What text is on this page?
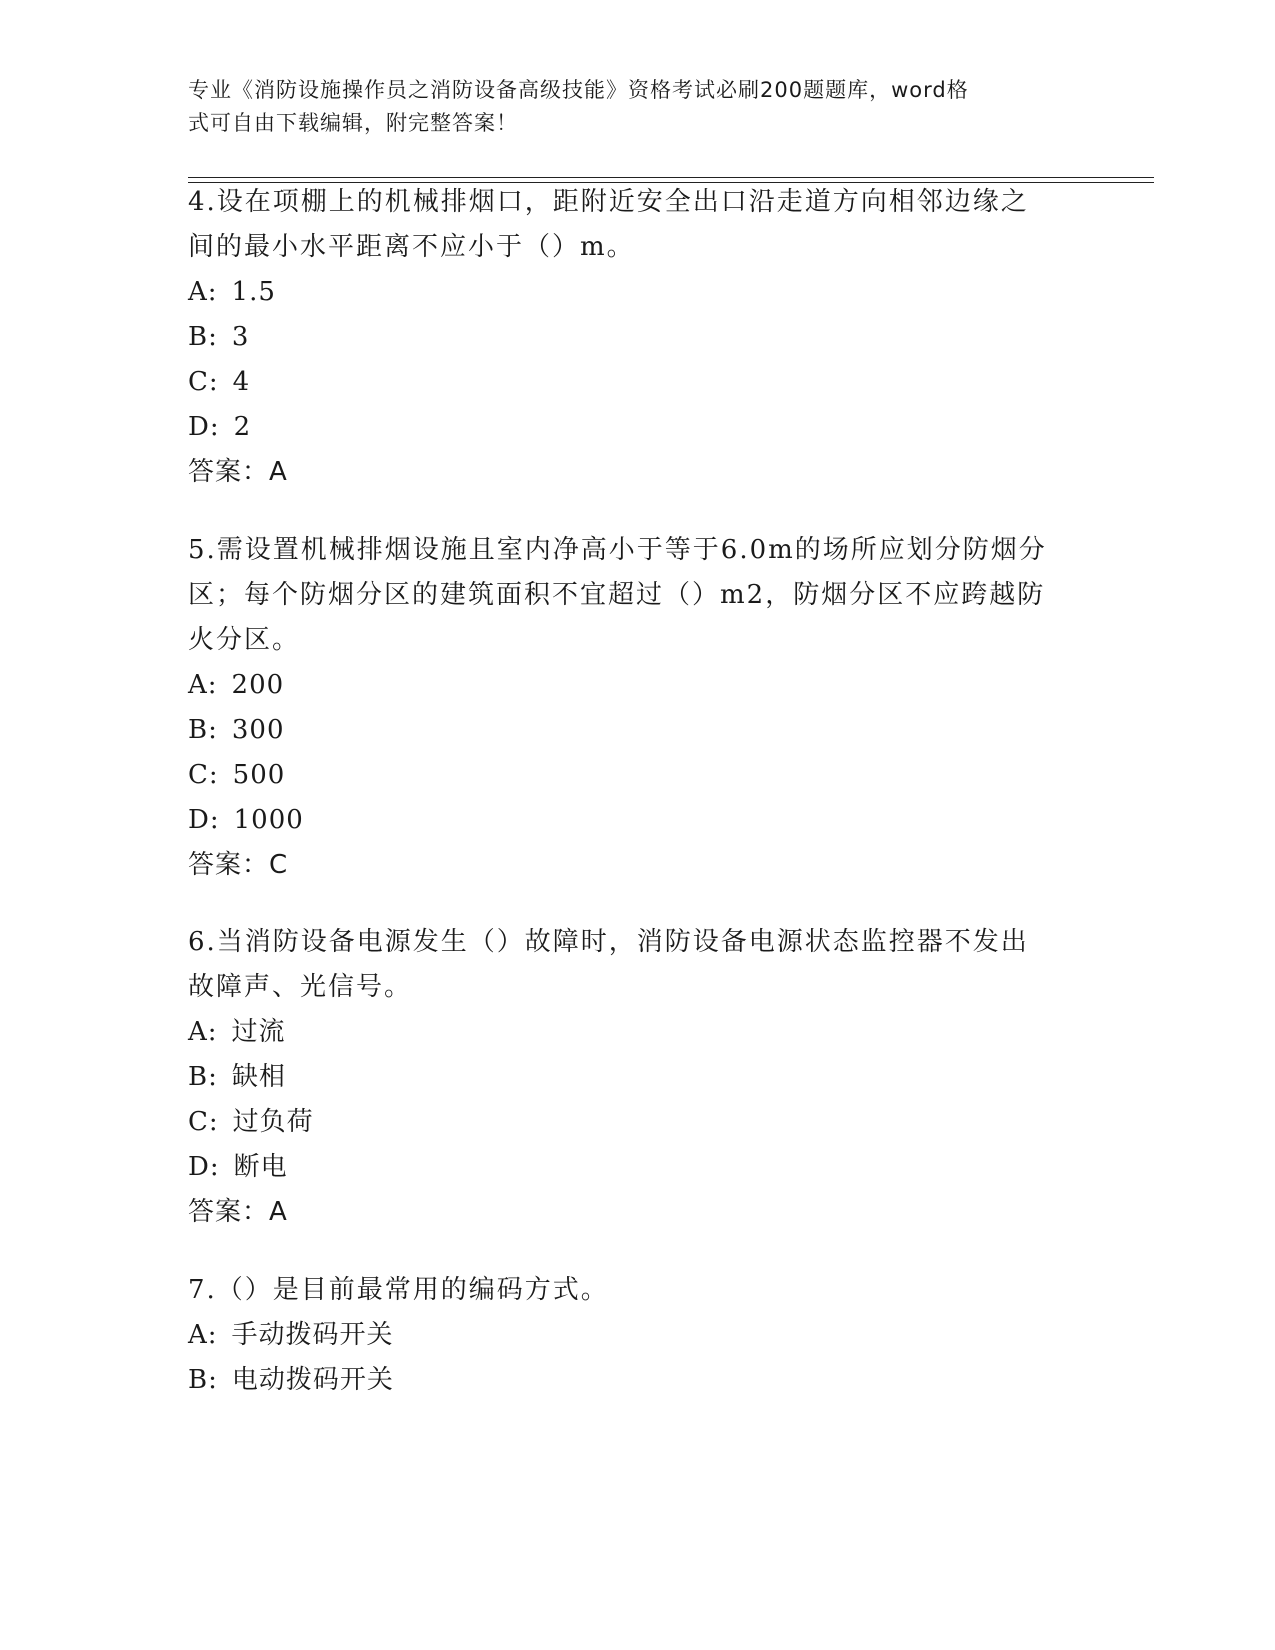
专业《消防设施操作员之消防设备高级技能》资格考试必刷200题题库，word格
式可自由下载编辑，附完整答案！

4.设在项棚上的机械排烟口，距附近安全出口沿走道方向相邻边缘之

间的最小水平距离不应小于（）m。

A: 1.5

B: 3

C: 4

D: 2

答案：A

5.需设置机械排烟设施且室内净高小于等于6.0m的场所应划分防烟分

区；每个防烟分区的建筑面积不宜超过（）m2，防烟分区不应跨越防

火分区。

A: 200

B: 300

C: 500

D: 1000

答案：C

6.当消防设备电源发生（）故障时，消防设备电源状态监控器不发出

故障声、光信号。

A: 过流

B: 缺相

C: 过负荷

D: 断电

答案：A

7.（）是目前最常用的编码方式。

A: 手动拨码开关

B: 电动拨码开关
